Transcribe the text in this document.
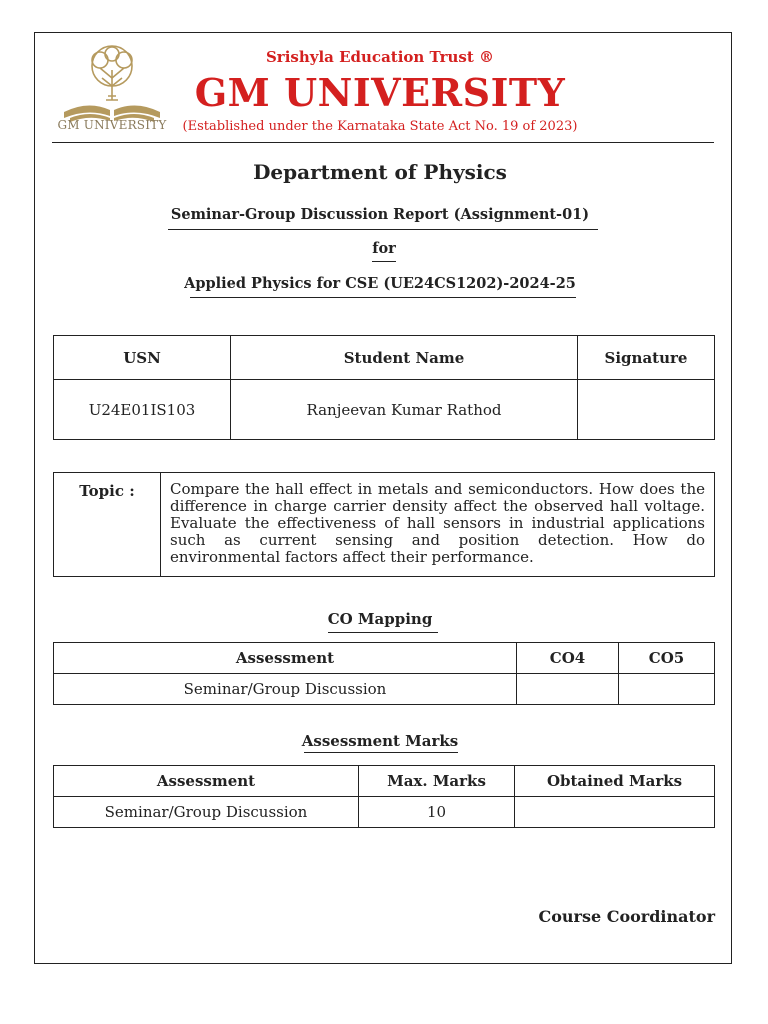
GM UNIVERSITY
Srishyla Education Trust ®
GM UNIVERSITY
(Established under the Karnataka State Act No. 19 of 2023)
Department of Physics
Seminar-Group Discussion Report (Assignment-01)
for
Applied Physics for CSE (UE24CS1202)-2024-25
USN	Student Name	Signature
U24E01IS103	Ranjeevan Kumar Rathod	
Topic :	Compare the hall effect in metals and semiconductors. How does the difference in charge carrier density affect the observed hall voltage. Evaluate the effectiveness of hall sensors in industrial applications such as current sensing and position detection. How do environmental factors affect their performance.
CO Mapping
Assessment	CO4	CO5
Seminar/Group Discussion		
Assessment Marks
Assessment	Max. Marks	Obtained Marks
Seminar/Group Discussion	10	
Course Coordinator
